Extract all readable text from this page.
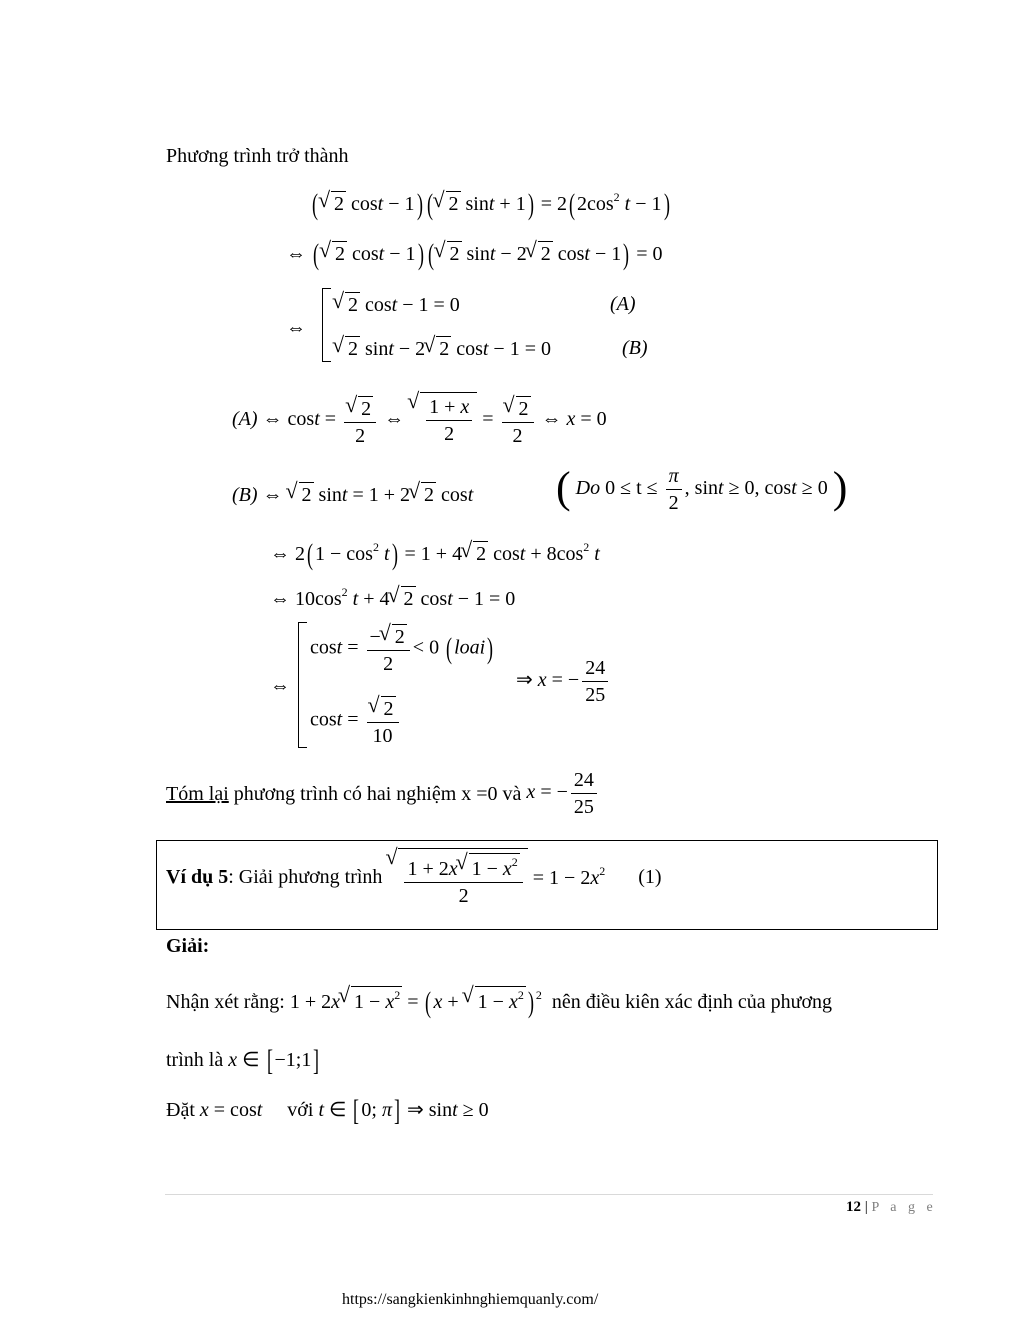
Phương trình trở thành
(√ 2 cost − 1) (√ 2 sint + 1) = 2( $2\cos^2$ t − 1)
⇔ (√ 2 cost − 1) (√ 2 sint − 2√ 2 cost − 1) = 0
⇔
√ 2 cost − 1 = 0	(A)
√ 2 sint − 2√ 2 cost − 1 = 0	(B)
(A) ⇔ cost =
√ $\frac{2}{2}$ ⇔
√ $\frac{1 + x}{2}$ =
√ $\frac{2}{2}$ ⇔ x = 0
(B) ⇔ √ 2 sint = 1 + 2√ 2 cost ( Do $0 \le t \le \frac{\pi}{2}$ , sint ≥ 0, cost ≥ 0 )
⇔ 2( $1 - \cos^2 t) = 1 + 4√$ 2 $\cos t + 8\cos^2$ t
⇔ $10\cos^2$ t + 4√ 2 cost − 1 = 0
⇔
$\cos t = \frac{-√ 2}{2} < 0$ ( loai)
cost =
√ $\frac{2}{10}$
⇒ x = − $\frac{24}{25}$
Tóm lại phương trình có hai nghiệm x =0 và x = − $\frac{24}{25}$
Ví dụ 5: Giải phương trình
√ $\frac{1 + 2x√ 1 - x^2}{2} = 1 - 2x^2$ (1)
Giải:
Nhận xét rằng: 1 + 2x√ $1 - x^2$ = ( x + √ $1 - x^2$ ) $^2$ nên điều kiên xác định của phương
trình là x ∈ [ −1;1]
Đặt x = cost với t ∈ [ 0; π] ⇒ sint ≥ 0
12 | P a g e
https://sangkienkinhnghiemquanly.com/
